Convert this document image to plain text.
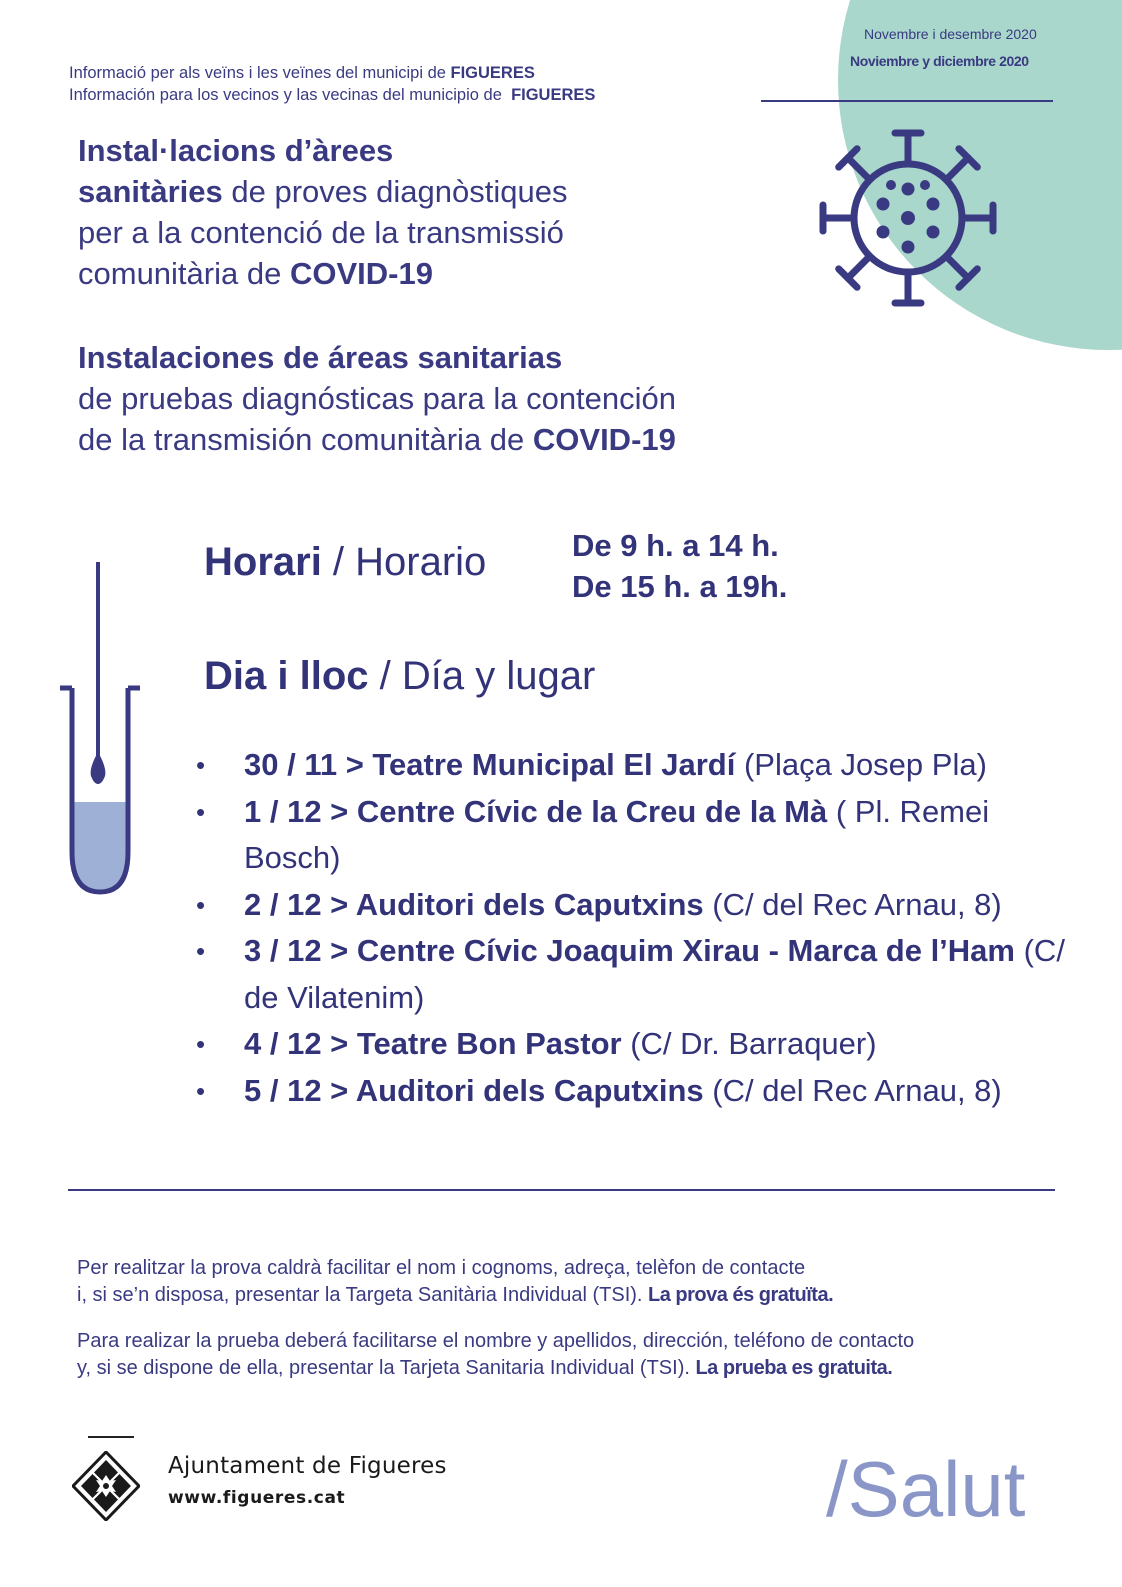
Novembre i desembre 2020
Noviembre y diciembre 2020
Informació per als veïns i les veïnes del municipi de FIGUERES
Información para los vecinos y las vecinas del municipio de  FIGUERES
Instal·lacions d’àrees
sanitàries de proves diagnòstiques
per a la contenció de la transmissió
comunitària de COVID-19
Instalaciones de áreas sanitarias
de pruebas diagnósticas para la contención
de la transmisión comunitària de COVID-19
Horari / Horario	De 9 h. a 14 h.
De 15 h. a 19h.
Dia i lloc / Día y lugar
• 30 / 11 > Teatre Municipal El Jardí (Plaça Josep Pla)
• 1 / 12 > Centre Cívic de la Creu de la Mà ( Pl. Remei Bosch)
• 2 / 12 > Auditori dels Caputxins (C/ del Rec Arnau, 8)
• 3 / 12 > Centre Cívic Joaquim Xirau - Marca de l’Ham (C/ de Vilatenim)
• 4 / 12 > Teatre Bon Pastor (C/ Dr. Barraquer)
• 5 / 12 > Auditori dels Caputxins (C/ del Rec Arnau, 8)
Per realitzar la prova caldrà facilitar el nom i cognoms, adreça, telèfon de contacte
i, si se’n disposa, presentar la Targeta Sanitària Individual (TSI). La prova és gratuïta.
Para realizar la prueba deberá facilitarse el nombre y apellidos, dirección, teléfono de contacto
y, si se dispone de ella, presentar la Tarjeta Sanitaria Individual (TSI). La prueba es gratuita.
Ajuntament de Figueres
www.figueres.cat	/Salut
